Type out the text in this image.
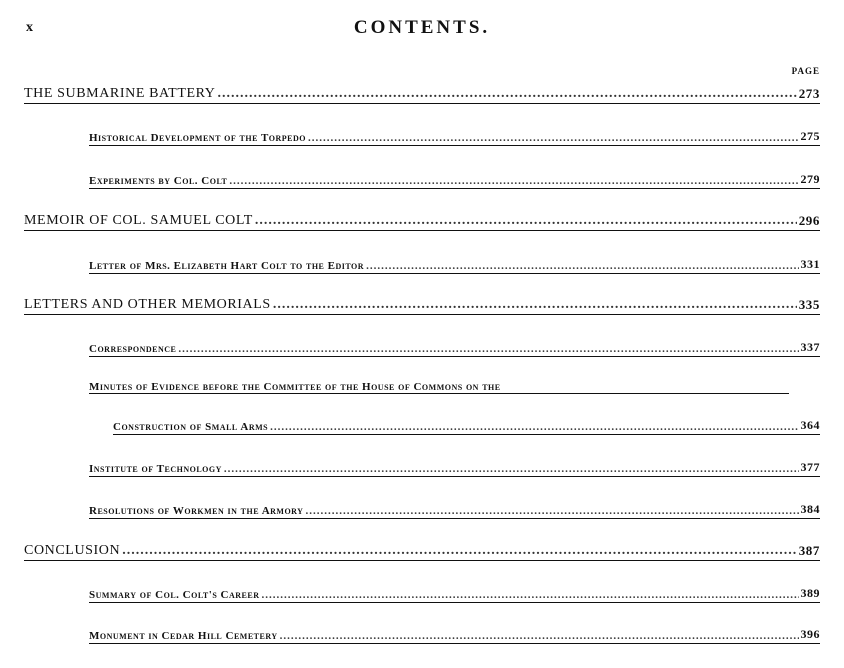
x	CONTENTS.
PAGE
THE SUBMARINE BATTERY .....	273
Historical Development of the Torpedo .....	275
Experiments by Col. Colt .....	279
MEMOIR OF COL. SAMUEL COLT .....	296
Letter of Mrs. Elizabeth Hart Colt to the Editor .....	331
LETTERS AND OTHER MEMORIALS .....	335
Correspondence .....	337
Minutes of Evidence before the Committee of the House of Commons on the
Construction of Small Arms .....	364
Institute of Technology .....	377
Resolutions of Workmen in the Armory .....	384
CONCLUSION .....	387
Summary of Col. Colt's Career .....	389
Monument in Cedar Hill Cemetery .....	396
